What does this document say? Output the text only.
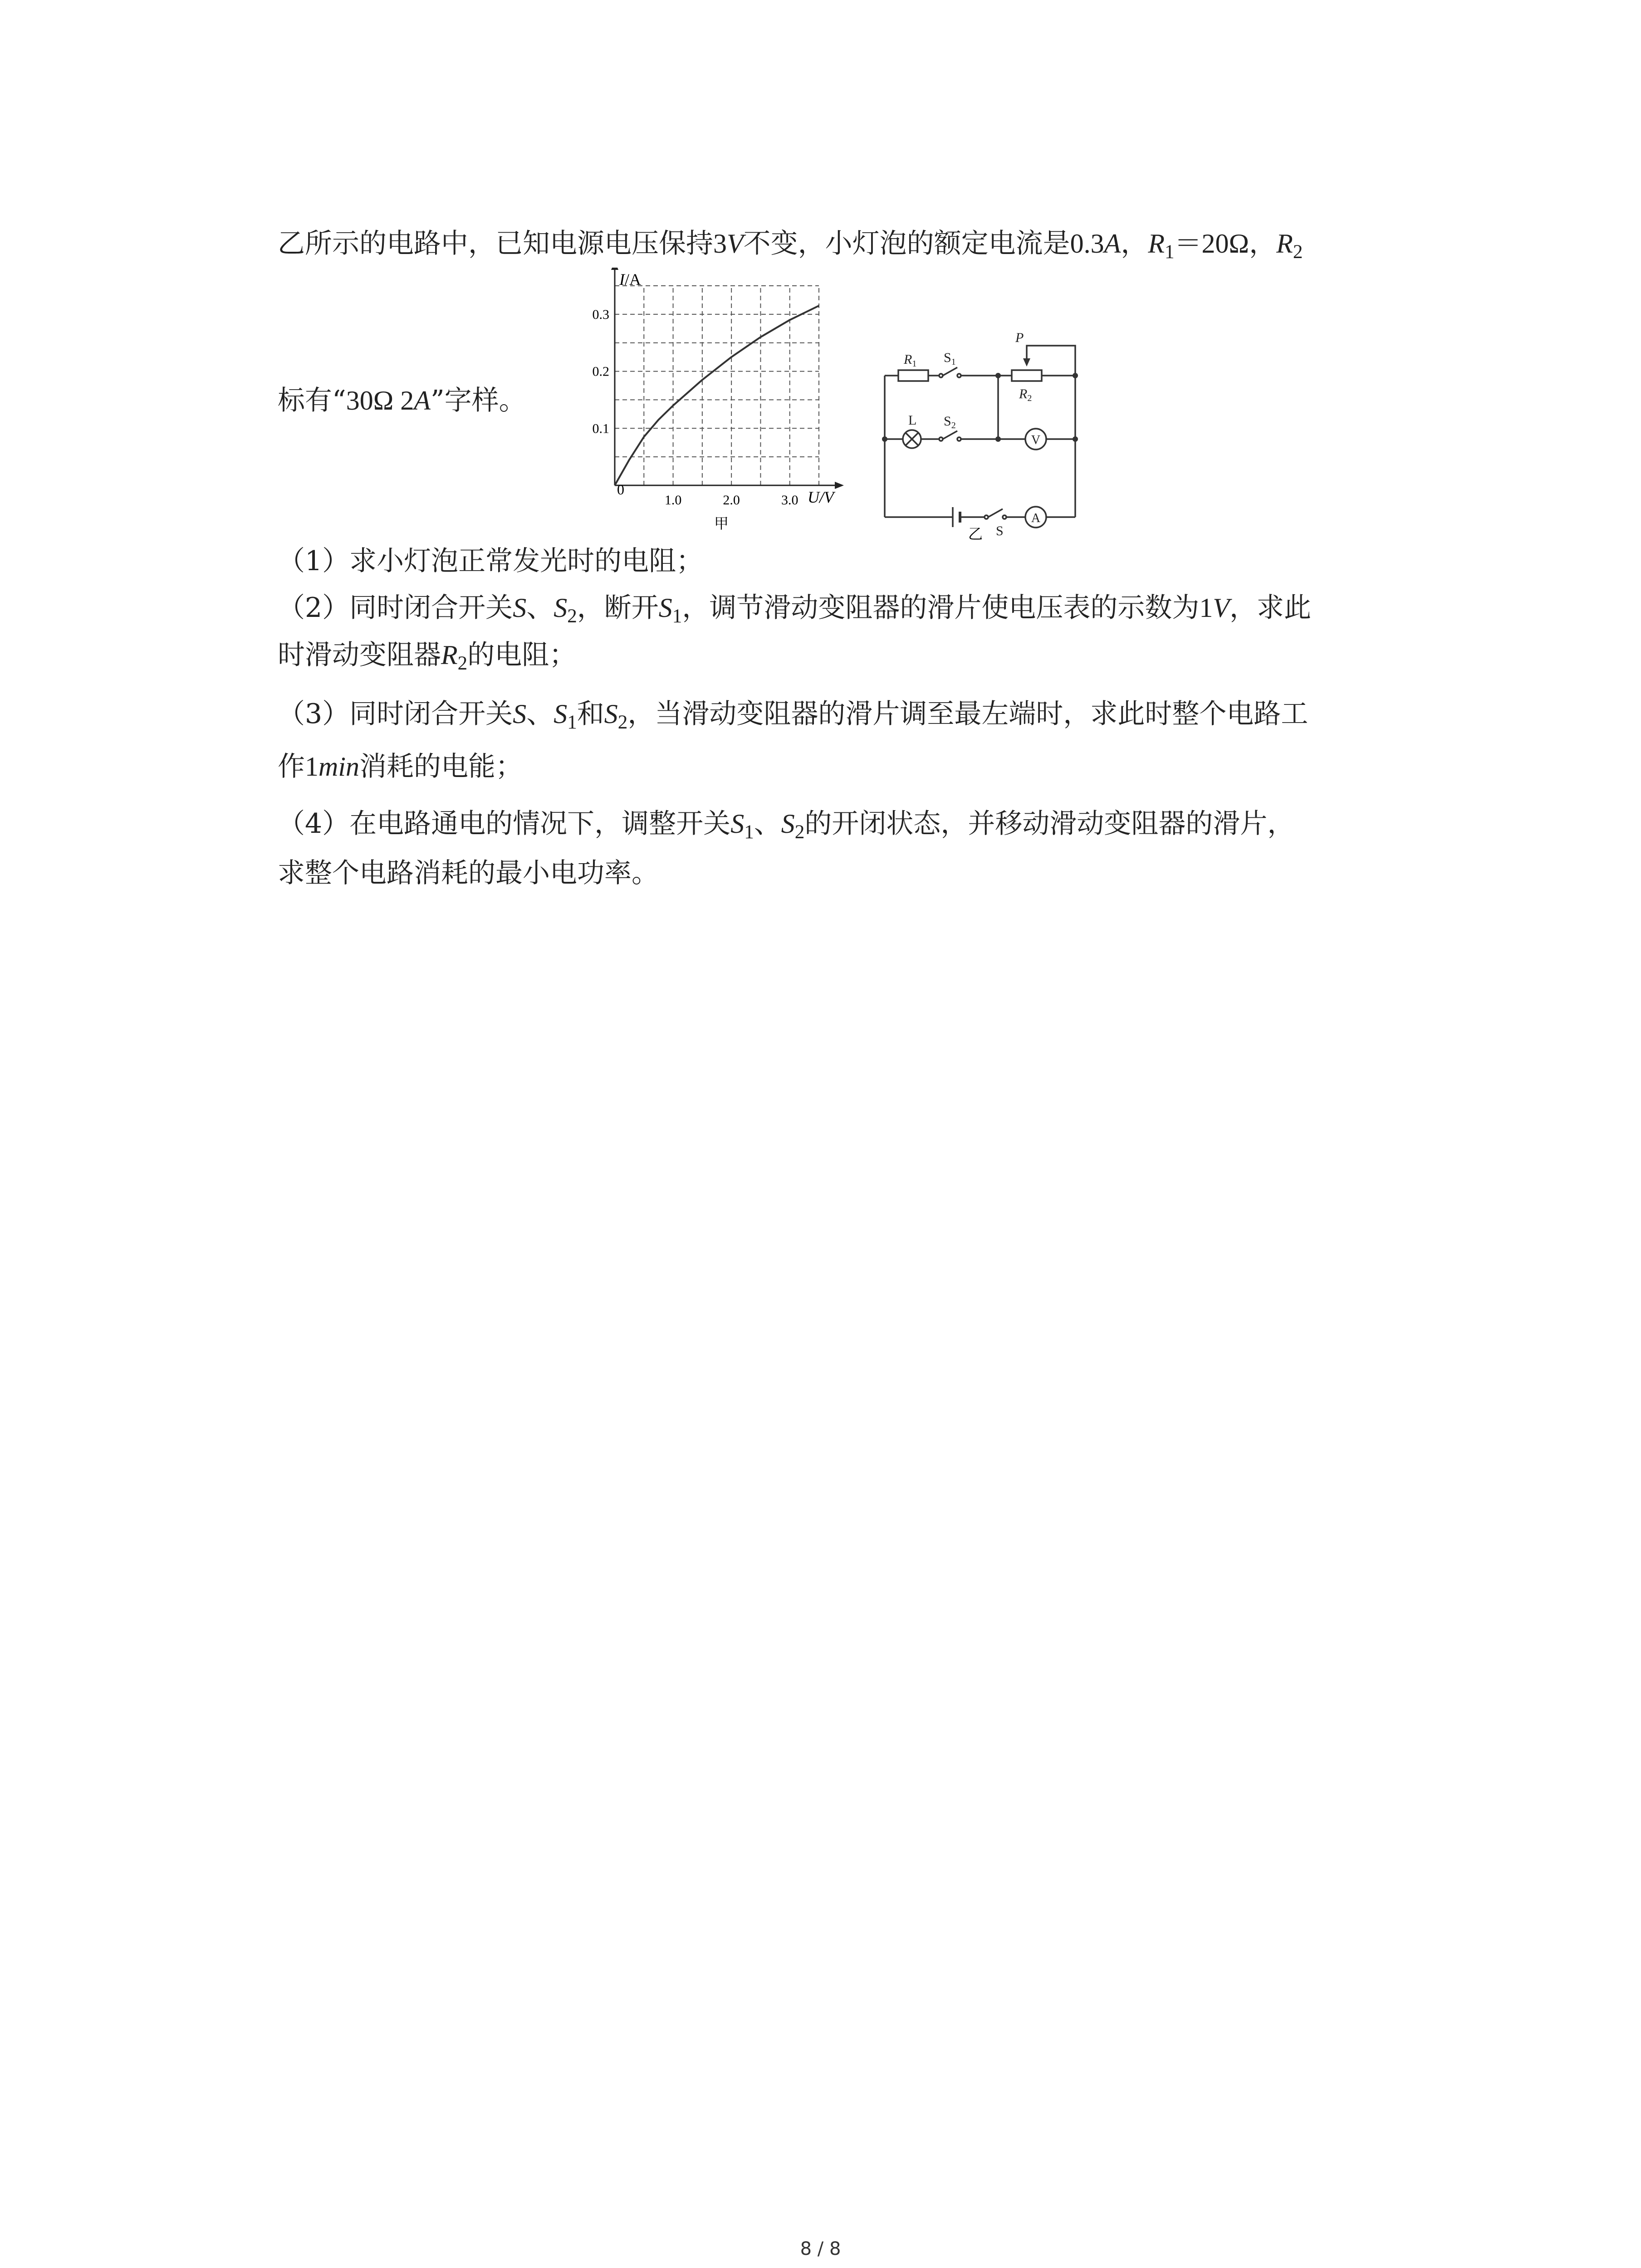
乙所示的电路中，已知电源电压保持3V不变，小灯泡的额定电流是0.3A，$R_1=20\Omega$，$R_2$
标有“30Ω 2A”字样。
1.0	2.0	3.0
0.1
0.2
0.3
I/A
U/V
0
甲
$R_1$ $S_1$
P
$R_2$
L $S_2$
V
S
A
乙
（1）求小灯泡正常发光时的电阻；
（2）同时闭合开关S、$S_2$，断开$S_1$，调节滑动变阻器的滑片使电压表的示数为1V，求此
时滑动变阻器$R_2$的电阻；
（3）同时闭合开关S、$S_1$和$S_2$，当滑动变阻器的滑片调至最左端时，求此时整个电路工
作1min消耗的电能；
（4）在电路通电的情况下，调整开关$S_1$、$S_2$的开闭状态，并移动滑动变阻器的滑片，
求整个电路消耗的最小电功率。
8 / 8
